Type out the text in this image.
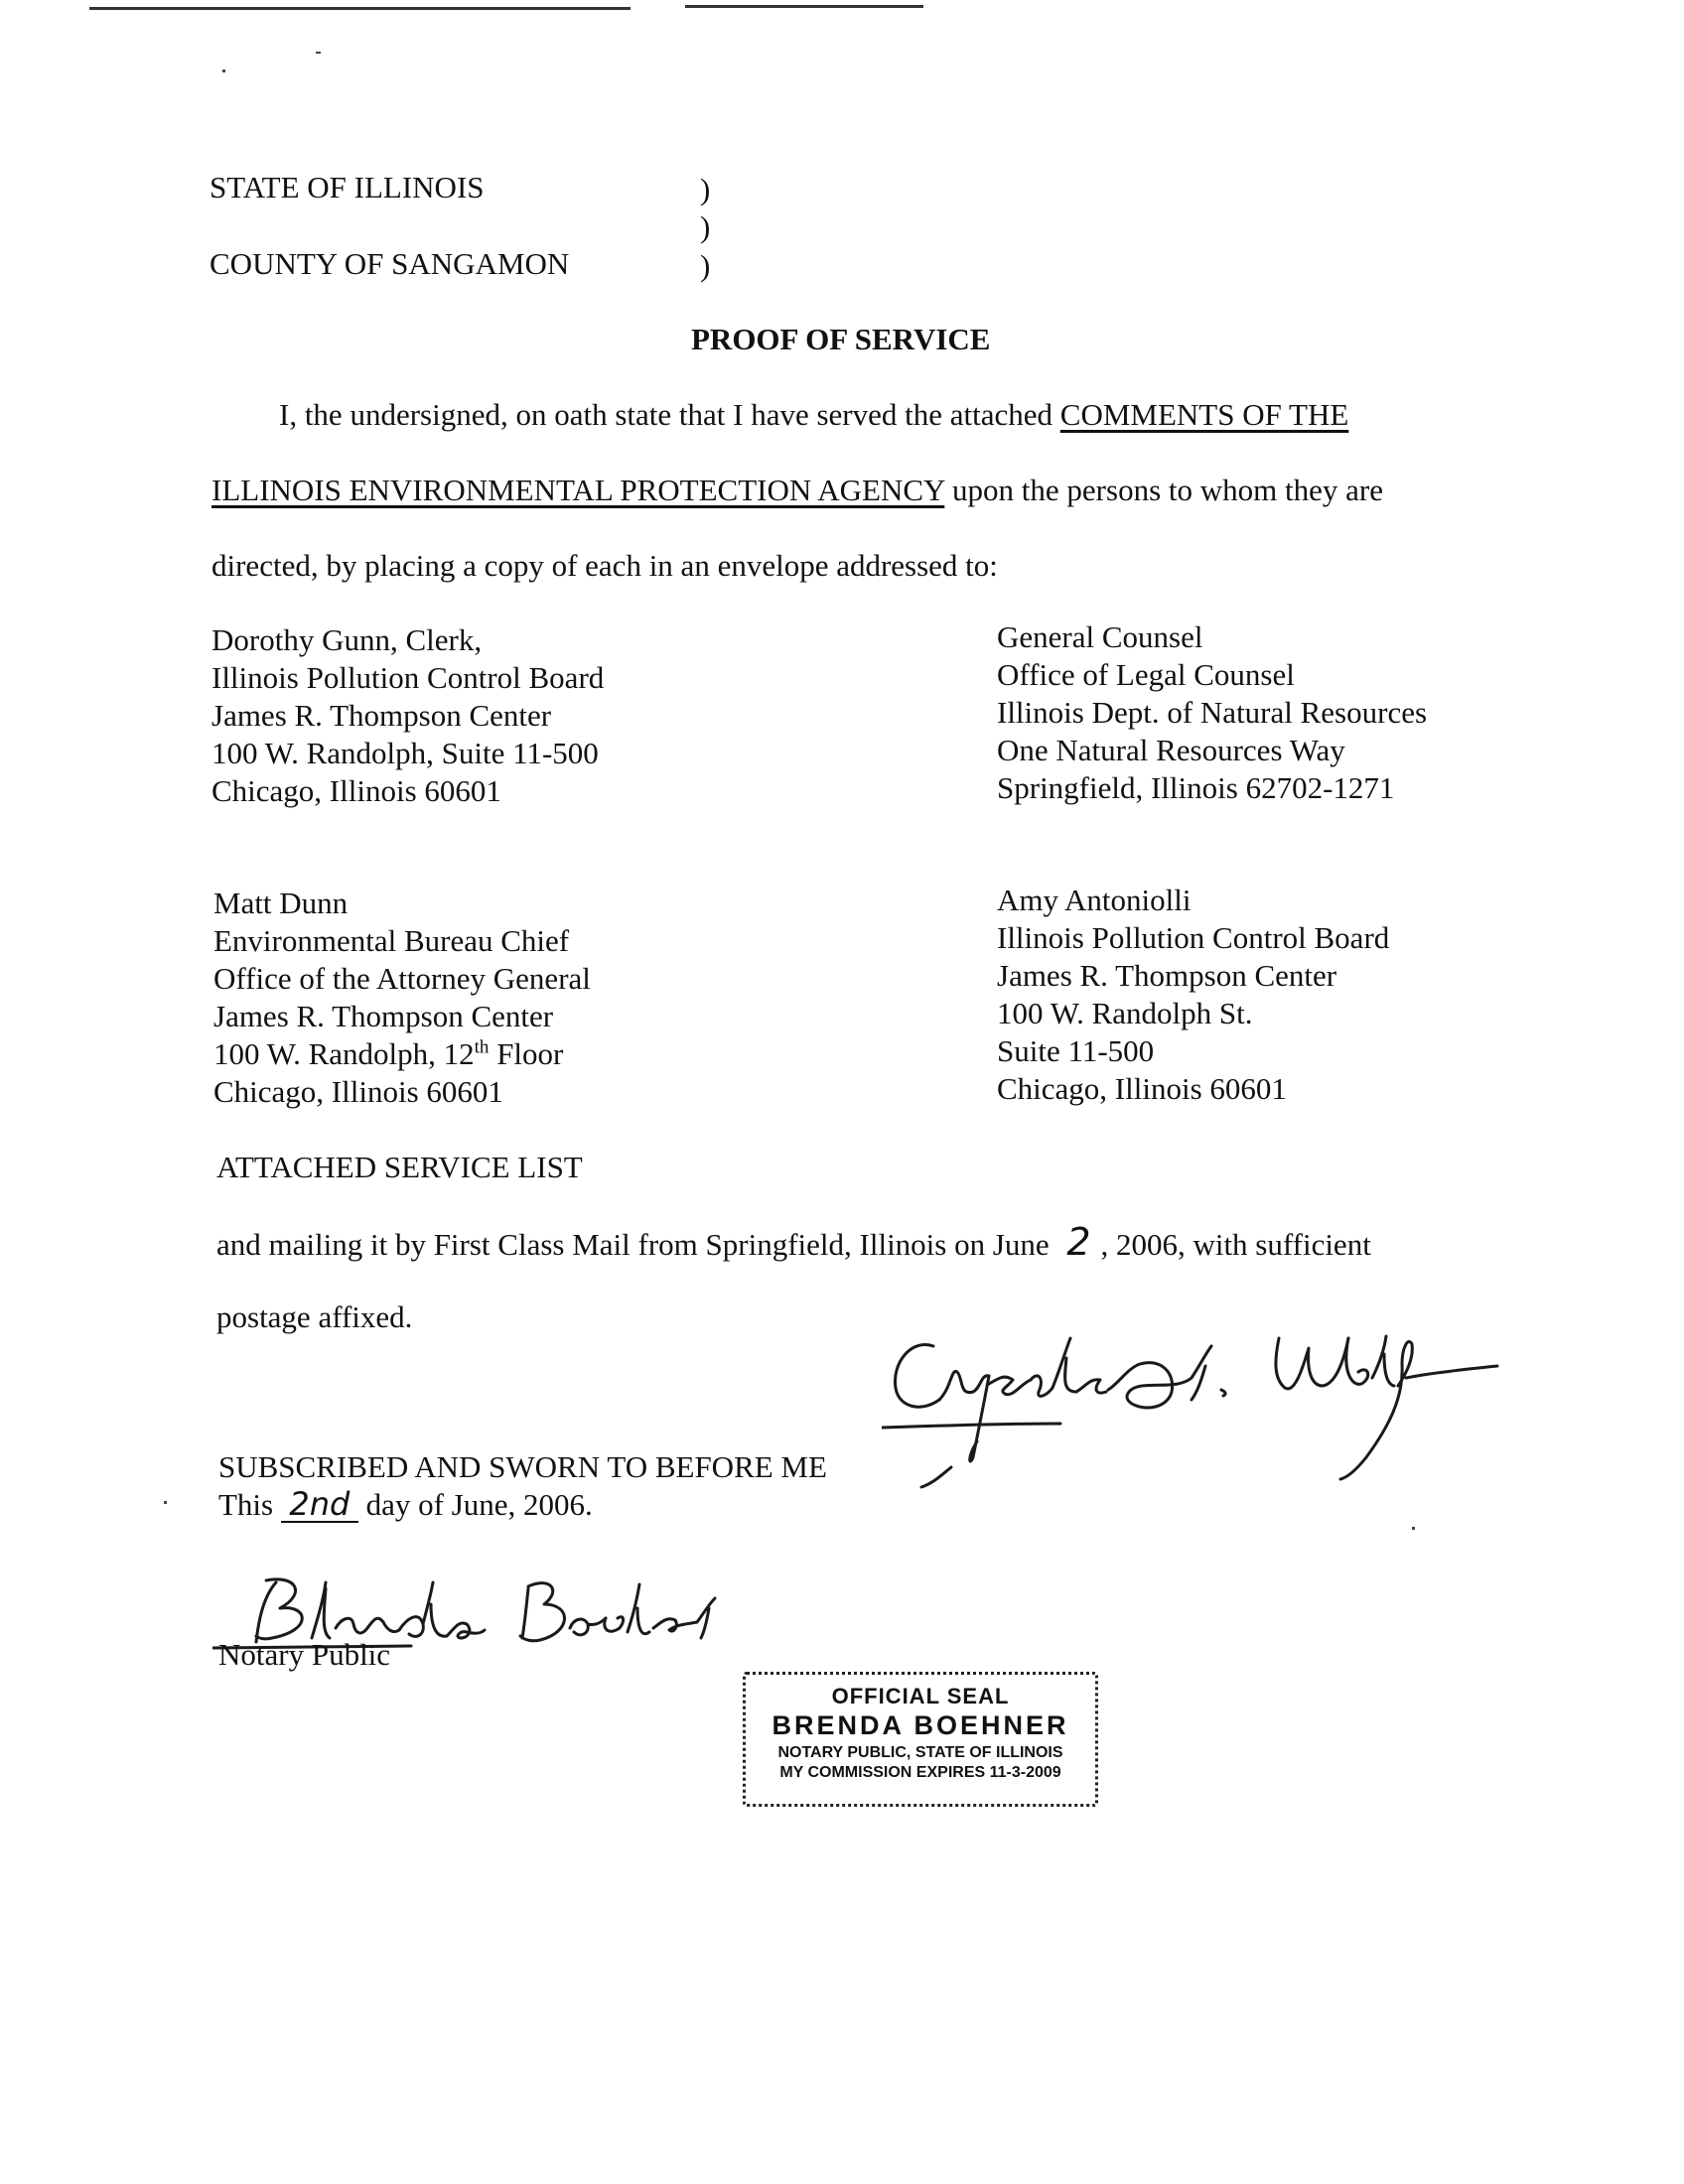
STATE OF ILLINOIS
COUNTY OF SANGAMON
)
)
)
PROOF OF SERVICE
I, the undersigned, on oath state that I have served the attached COMMENTS OF THE
ILLINOIS ENVIRONMENTAL PROTECTION AGENCY upon the persons to whom they are
directed, by placing a copy of each in an envelope addressed to:
Dorothy Gunn, Clerk,
Illinois Pollution Control Board
James R. Thompson Center
100 W. Randolph, Suite 11-500
Chicago, Illinois 60601
General Counsel
Office of Legal Counsel
Illinois Dept. of Natural Resources
One Natural Resources Way
Springfield, Illinois 62702-1271
Matt Dunn
Environmental Bureau Chief
Office of the Attorney General
James R. Thompson Center
100 W. Randolph, 12th Floor
Chicago, Illinois 60601
Amy Antoniolli
Illinois Pollution Control Board
James R. Thompson Center
100 W. Randolph St.
Suite 11-500
Chicago, Illinois 60601
ATTACHED SERVICE LIST
and mailing it by First Class Mail from Springfield, Illinois on June 2 , 2006, with sufficient
postage affixed.
SUBSCRIBED AND SWORN TO BEFORE ME
This 2nd day of June, 2006.
Notary Public
OFFICIAL SEAL
BRENDA BOEHNER
NOTARY PUBLIC, STATE OF ILLINOIS
MY COMMISSION EXPIRES 11-3-2009
